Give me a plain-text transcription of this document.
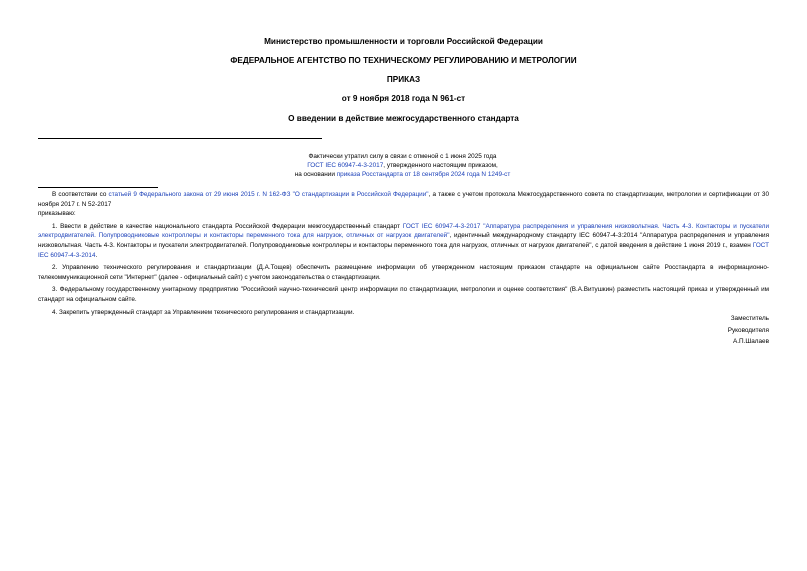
Министерство промышленности и торговли Российской Федерации
ФЕДЕРАЛЬНОЕ АГЕНТСТВО ПО ТЕХНИЧЕСКОМУ РЕГУЛИРОВАНИЮ И МЕТРОЛОГИИ
ПРИКАЗ
от 9 ноября 2018 года N 961-ст
О введении в действие межгосударственного стандарта
Фактически утратил силу в связи с отменой с 1 июня 2025 года
ГОСТ IEC 60947-4-3-2017, утвержденного настоящим приказом,
на основании приказа Росстандарта от 18 сентября 2024 года N 1249-ст

В соответствии со статьей 9 Федерального закона от 29 июня 2015 г. N 162-ФЗ "О стандартизации в Российской Федерации", а также с учетом протокола Межгосударственного совета по стандартизации, метрологии и сертификации от 30 ноября 2017 г. N 52-2017

приказываю:

1. Ввести в действие в качестве национального стандарта Российской Федерации межгосударственный стандарт ГОСТ IEC 60947-4-3-2017 "Аппаратура распределения и управления низковольтная. Часть 4-3. Контакторы и пускатели электродвигателей. Полупроводниковые контроллеры и контакторы переменного тока для нагрузок, отличных от нагрузок двигателей", идентичный международному стандарту IEC 60947-4-3:2014 "Аппаратура распределения и управления низковольтная. Часть 4-3. Контакторы и пускатели электродвигателей. Полупроводниковые контроллеры и контакторы переменного тока для нагрузок, отличных от нагрузок двигателей", с датой введения в действие 1 июня 2019 г., взамен ГОСТ IEC 60947-4-3-2014.

2. Управлению технического регулирования и стандартизации (Д.А.Тощев) обеспечить размещение информации об утвержденном настоящим приказом стандарте на официальном сайте Росстандарта в информационно-телекоммуникационной сети "Интернет" (далее - официальный сайт) с учетом законодательства о стандартизации.

3. Федеральному государственному унитарному предприятию "Российский научно-технический центр информации по стандартизации, метрологии и оценке соответствия" (В.А.Витушкин) разместить настоящий приказ и утвержденный им стандарт на официальном сайте.

4. Закрепить утвержденный стандарт за Управлением технического регулирования и стандартизации.

Заместитель
Руководителя
А.П.Шалаев
